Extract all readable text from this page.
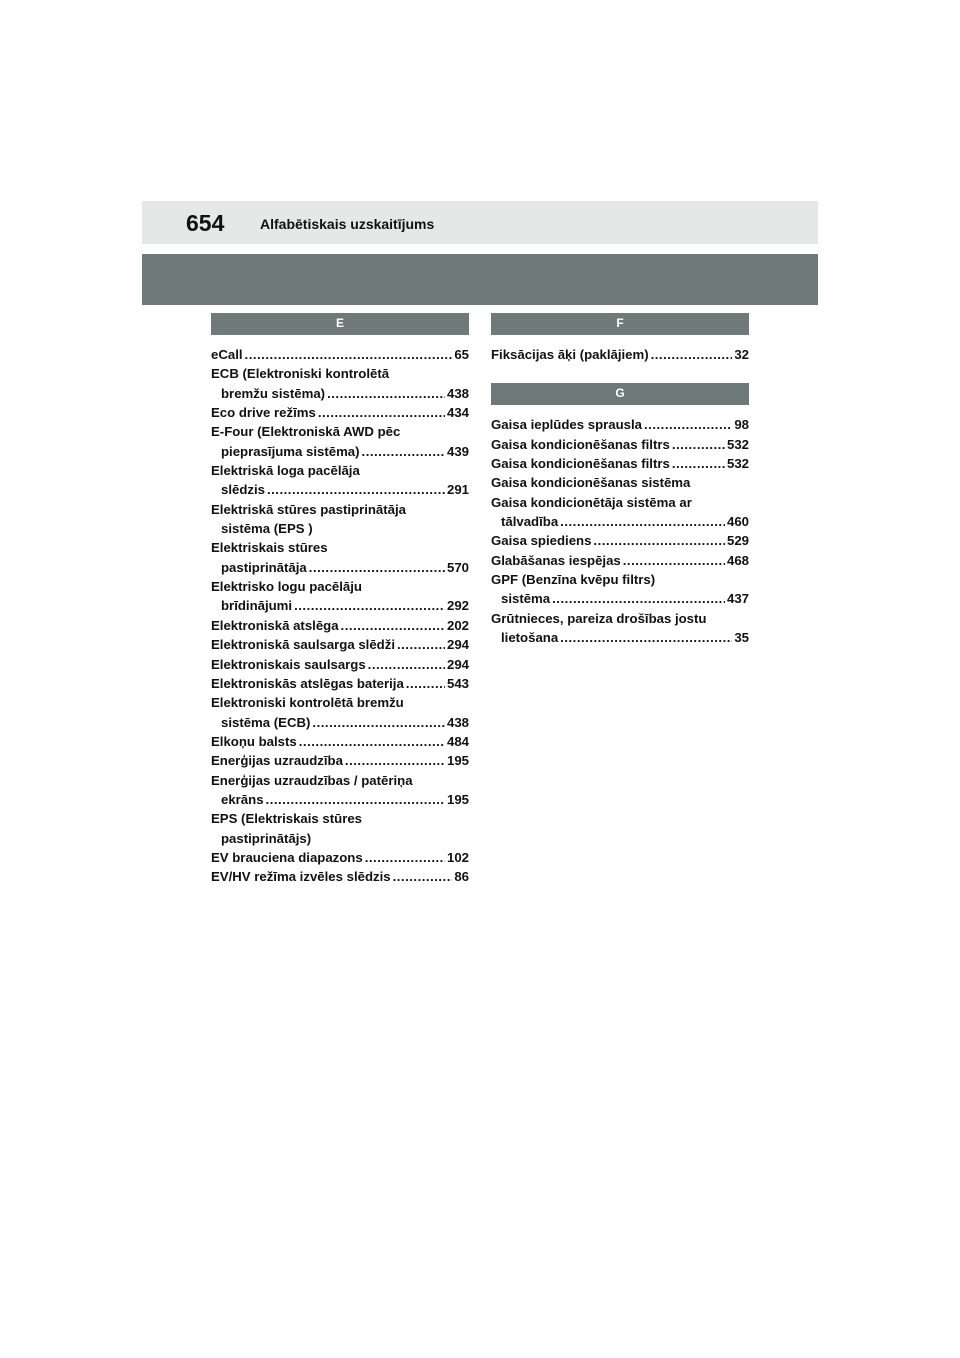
654	Alfabētiskais uzskaitījums
E
eCall .....	65
ECB (Elektroniski kontrolētā
bremžu sistēma) .....	438
Eco drive režīms .....	434
E-Four (Elektroniskā AWD pēc
pieprasījuma sistēma) .....	439
Elektriskā loga pacēlāja
slēdzis .....	291
Elektriskā stūres pastiprinātāja
sistēma (EPS )
Elektriskais stūres
pastiprinātāja .....	570
Elektrisko logu pacēlāju
brīdinājumi .....	292
Elektroniskā atslēga .....	202
Elektroniskā saulsarga slēdži .....	294
Elektroniskais saulsargs .....	294
Elektroniskās atslēgas baterija .....	543
Elektroniski kontrolētā bremžu
sistēma (ECB) .....	438
Elkoņu balsts .....	484
Enerģijas uzraudzība .....	195
Enerģijas uzraudzības / patēriņa
ekrāns .....	195
EPS (Elektriskais stūres
pastiprinātājs)
EV brauciena diapazons .....	102
EV/HV režīma izvēles slēdzis .....	86
F
Fiksācijas āķi (paklājiem) .....	32
G
Gaisa ieplūdes sprausla .....	98
Gaisa kondicionēšanas filtrs .....	532
Gaisa kondicionēšanas filtrs .....	532
Gaisa kondicionēšanas sistēma
Gaisa kondicionētāja sistēma ar
tālvadība .....	460
Gaisa spiediens .....	529
Glabāšanas iespējas .....	468
GPF (Benzīna kvēpu filtrs)
sistēma .....	437
Grūtnieces, pareiza drošības jostu
lietošana .....	35
